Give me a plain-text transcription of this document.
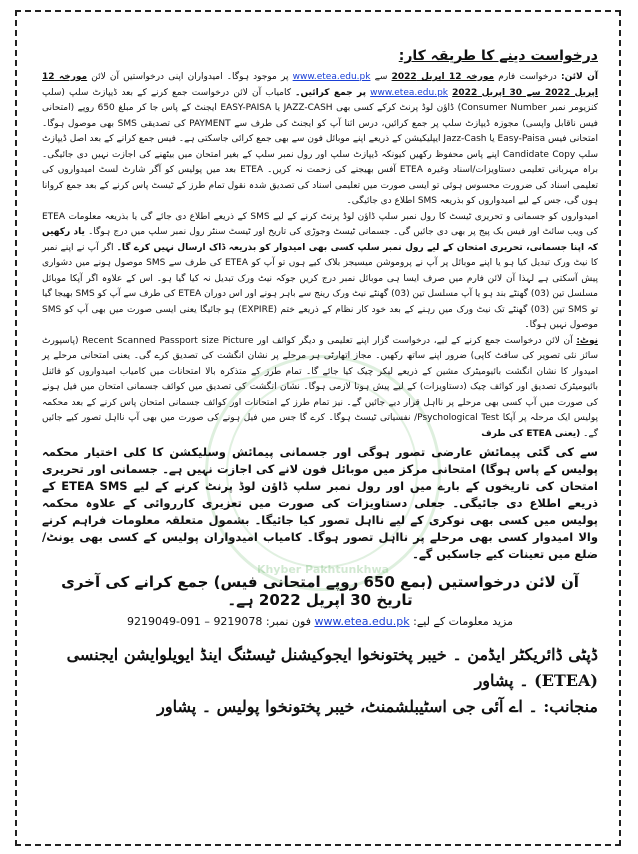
Khyber Pakhtunkhwa

درخواست دینے کا طریقہ کار:

آن لائن: درخواست فارم مورخہ 12 اپریل 2022 سے www.etea.edu.pk پر موجود ہوگا۔ امیدواران اپنی درخواستیں آن لائن مورخہ 12 اپریل 2022 سے 30 اپریل 2022 www.etea.edu.pk پر جمع کرائیں۔ کامیاب آن لائن درخواست جمع کرنے کے بعد ڈیپازٹ سلپ (سلپ کنزیومر نمبر Consumer Number) ڈاؤن لوڈ پرنٹ کرکے کسی بھی JAZZ-CASH یا EASY-PAISA ایجنٹ کے پاس جا کر مبلغ 650 روپے (امتحانی فیس ناقابل واپسی) مجوزہ ڈیپازٹ سلپ پر جمع کرائیں، درس اثنا آپ کو ایجنٹ کی طرف سے PAYMENT کی تصدیقی SMS بھی موصول ہوگا۔ امتحانی فیس Easy-Paisa یا Jazz-Cash ایپلیکیشن کے ذریعے اپنے موبائل فون سے بھی جمع کرائی جاسکتی ہے۔ فیس جمع کرانے کے بعد اصل ڈیپازٹ سلپ Candidate Copy اپنے پاس محفوظ رکھیں کیونکہ ڈیپازٹ سلپ اور رول نمبر سلپ کے بغیر امتحان میں بیٹھنے کی اجازت نہیں دی جائیگی۔ براہ مہربانی تعلیمی دستاویزات/اسناد وغیرہ ETEA آفس بھیجنے کی زحمت نہ کریں۔ ETEA بعد میں پولیس کو آگر شارٹ لسٹ امیدواروں کی تعلیمی اسناد کی ضرورت محسوس ہوئی تو ایسی صورت میں تعلیمی اسناد کی تصدیق شدہ نقول تمام طرز کے ٹیسٹ پاس کرنے کے بعد جمع کروانا ہوں گی، جس کے لیے امیدواروں کو بذریعہ SMS اطلاع دی جائیگی۔

امیدواروں کو جسمانی و تحریری ٹیسٹ کا رول نمبر سلپ ڈاؤن لوڈ پرنٹ کرنے کے لیے SMS کے ذریعے اطلاع دی جائے گی یا بذریعہ معلومات ETEA کی ویب سائٹ اور فیس بک پیج پر بھی دی جائیں گی۔ جسمانی ٹیسٹ وجوڑی کی تاریخ اور ٹیسٹ سنٹر رول نمبر سلپ میں درج ہوگا۔ یاد رکھیں کہ اپنا جسمانی، تحریری امتحان کے لیے رول نمبر سلپ کسی بھی امیدوار کو بذریعہ ڈاک ارسال نہیں کرے گا۔ اگر آپ نے اپنے نمبر کا نیٹ ورک تبدیل کیا ہو یا اپنے موبائل پر آپ نے پروموشن میسیجز بلاک کیے ہوں تو آپ کو ETEA کی طرف سے SMS موصول ہونے میں دشواری پیش آسکتی ہے لہذا آن لائن فارم میں صرف ایسا ہی موبائل نمبر درج کریں جوکہ نیٹ ورک تبدیل نہ کیا گیا ہو۔ اس کے علاوہ اگر آپکا موبائل مسلسل تین (03) گھنٹے بند ہو یا آپ مسلسل تین (03) گھنٹے نیٹ ورک رینج سے باہر ہونے اور اس دوران ETEA کی طرف سے آپ کو SMS بھیجا گیا تو SMS تین (03) گھنٹے تک نیٹ ورک میں رہنے کے بعد خود کار نظام کے ذریعے ختم (EXPIRE) ہو جائیگا یعنی ایسی صورت میں بھی آپ کو SMS موصول نہیں ہوگا۔

نوٹ: آن لائن درخواست جمع کرنے کے لیے، درخواست گزار اپنے تعلیمی و دیگر کوائف اور Recent Scanned Passport size Picture (پاسپورٹ سائز نئی تصویر کی سافٹ کاپی) ضرور اپنے ساتھ رکھیں۔ مجاز اتھارٹی ہر مرحلے پر نشان انگشت کی تصدیق کرے گی۔ یعنی امتحانی مرحلے پر امیدوار کا نشان انگشت بائیومیٹرک مشین کے ذریعے لیکر چیک کیا جائے گا۔ تمام طرز کے متذکرہ بالا امتحانات میں کامیاب امیدواروں کو فائنل بائیومیٹرک تصدیق اور کوائف چیک (دستاویزات) کے لیے پیش ہونا لازمی ہوگا۔ نشان انگشت کی تصدیق میں کوائف جسمانی امتحان میں فیل ہونے کی صورت میں آپ کسی بھی مرحلے پر نااہل قرار دیے جائیں گے۔ نیز تمام طرز کے امتحانات اور کوائف جسمانی امتحان پاس کرنے کے بعد محکمہ پولیس ایک مرحلہ پر آپکا Psychological Test/ نفسیاتی ٹیسٹ ہوگا۔ کرے گا جس میں فیل ہونے کی صورت میں بھی آپ نااہل تصور کیے جائیں گے۔ (یعنی ETEA کی طرف

سے کی گئی پیمائش عارضی تصور ہوگی اور جسمانی پیمائش وسلیکشن کا کلی اختیار محکمہ پولیس کے پاس ہوگا) امتحانی مرکز میں موبائل فون لانے کی اجازت نہیں ہے۔ جسمانی اور تحریری امتحان کی تاریخوں کے بارے میں اور رول نمبر سلپ ڈاؤن لوڈ پرنٹ کرنے کے لیے ETEA SMS کے ذریعے اطلاع دی جائیگی۔ جعلی دستاویزات کی صورت میں تعزیری کارروائی کے علاوہ محکمہ پولیس میں کسی بھی نوکری کے لیے نااہل تصور کیا جائیگا۔ بشمول متعلقہ معلومات فراہم کرنے والا امیدوار کسی بھی مرحلے پر نااہل تصور ہوگا۔ کامیاب امیدواران پولیس کے کسی بھی یونٹ/ضلع میں تعینات کیے جاسکیں گے۔

آن لائن درخواستیں (بمع 650 روپے امتحانی فیس) جمع کرانے کی آخری تاریخ 30 اپریل 2022 ہے۔

فون نمبر: 9219078 – 091-9219049 www.etea.edu.pk مزید معلومات کے لیے:

ڈپٹی ڈائریکٹر ایڈمن ۔ خیبر پختونخوا ایجوکیشنل ٹیسٹنگ اینڈ ایویلوایشن ایجنسی (ETEA) ۔ پشاور
منجانب: ۔ اے آئی جی اسٹیبلشمنٹ، خیبر پختونخوا پولیس ۔ پشاور
